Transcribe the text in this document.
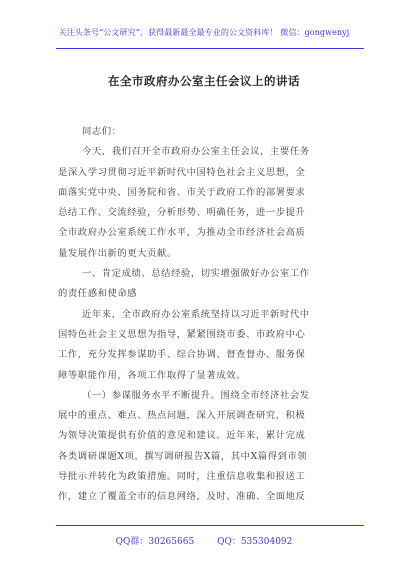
关注头条号“公文研究”，获得最新最全最专业的公文资料库！ 微信：gongwenyj
在全市政府办公室主任会议上的讲话
同志们：
今天，我们召开全市政府办公室主任会议，主要任务
是深入学习贯彻习近平新时代中国特色社会主义思想，全
面落实党中央、国务院和省、市关于政府工作的部署要求
总结工作、交流经验，分析形势、明确任务，进一步提升
全市政府办公室系统工作水平，为推动全市经济社会高质
量发展作出新的更大贡献。
一、肯定成绩、总结经验，切实增强做好办公室工作
的责任感和使命感
近年来，全市政府办公室系统坚持以习近平新时代中
国特色社会主义思想为指导，紧紧围绕市委、市政府中心
工作，充分发挥参谋助手、综合协调、督查督办、服务保
障等职能作用，各项工作取得了显著成效。
（一）参谋服务水平不断提升。围绕全市经济社会发
展中的重点、难点、热点问题，深入开展调查研究，积极
为领导决策提供有价值的意见和建议。近年来，累计完成
各类调研课题X项，撰写调研报告X篇，其中X篇得到市领
导批示并转化为政策措施。同时，注重信息收集和报送工
作，建立了覆盖全市的信息网络，及时、准确、全面地反
QQ群：30265665	QQ：535304092
